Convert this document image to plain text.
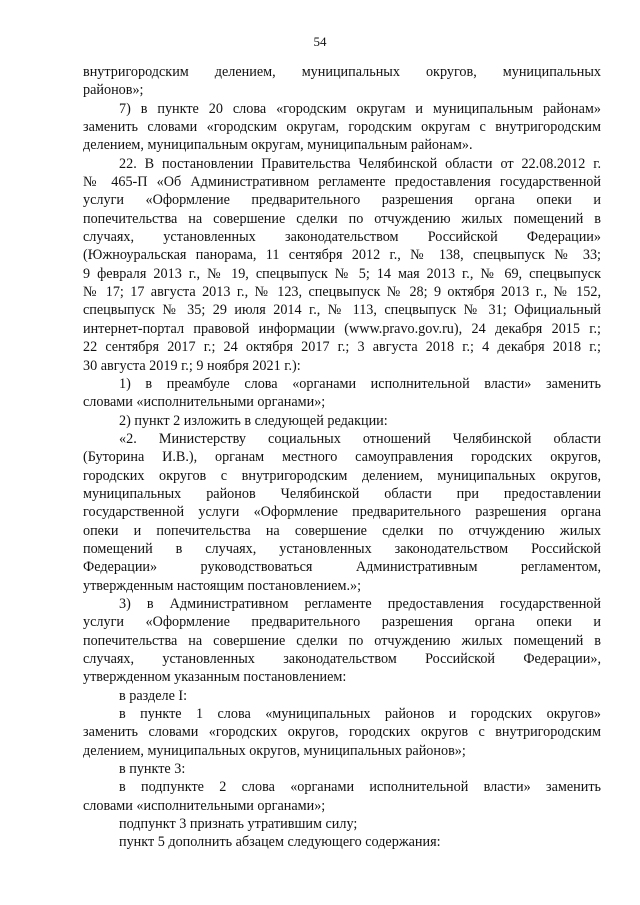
54
внутригородским делением, муниципальных округов, муниципальных
районов»;
7) в пункте 20 слова «городским округам и муниципальным районам»
заменить словами «городским округам, городским округам с внутригородским
делением, муниципальным округам, муниципальным районам».
22. В постановлении Правительства Челябинской области от 22.08.2012 г.
№ 465-П «Об Административном регламенте предоставления государственной
услуги «Оформление предварительного разрешения органа опеки и
попечительства на совершение сделки по отчуждению жилых помещений в
случаях, установленных законодательством Российской Федерации»
(Южноуральская панорама, 11 сентября 2012 г., № 138, спецвыпуск № 33;
9 февраля 2013 г., № 19, спецвыпуск № 5; 14 мая 2013 г., № 69, спецвыпуск
№ 17; 17 августа 2013 г., № 123, спецвыпуск № 28; 9 октября 2013 г., № 152,
спецвыпуск № 35; 29 июля 2014 г., № 113, спецвыпуск № 31; Официальный
интернет-портал правовой информации (www.pravo.gov.ru), 24 декабря 2015 г.;
22 сентября 2017 г.; 24 октября 2017 г.; 3 августа 2018 г.; 4 декабря 2018 г.;
30 августа 2019 г.; 9 ноября 2021 г.):
1) в преамбуле слова «органами исполнительной власти» заменить
словами «исполнительными органами»;
2) пункт 2 изложить в следующей редакции:
«2. Министерству социальных отношений Челябинской области
(Буторина И.В.), органам местного самоуправления городских округов,
городских округов с внутригородским делением, муниципальных округов,
муниципальных районов Челябинской области при предоставлении
государственной услуги «Оформление предварительного разрешения органа
опеки и попечительства на совершение сделки по отчуждению жилых
помещений в случаях, установленных законодательством Российской
Федерации» руководствоваться Административным регламентом,
утвержденным настоящим постановлением.»;
3) в Административном регламенте предоставления государственной
услуги «Оформление предварительного разрешения органа опеки и
попечительства на совершение сделки по отчуждению жилых помещений в
случаях, установленных законодательством Российской Федерации»,
утвержденном указанным постановлением:
в разделе I:
в пункте 1 слова «муниципальных районов и городских округов»
заменить словами «городских округов, городских округов с внутригородским
делением, муниципальных округов, муниципальных районов»;
в пункте 3:
в подпункте 2 слова «органами исполнительной власти» заменить
словами «исполнительными органами»;
подпункт 3 признать утратившим силу;
пункт 5 дополнить абзацем следующего содержания:
